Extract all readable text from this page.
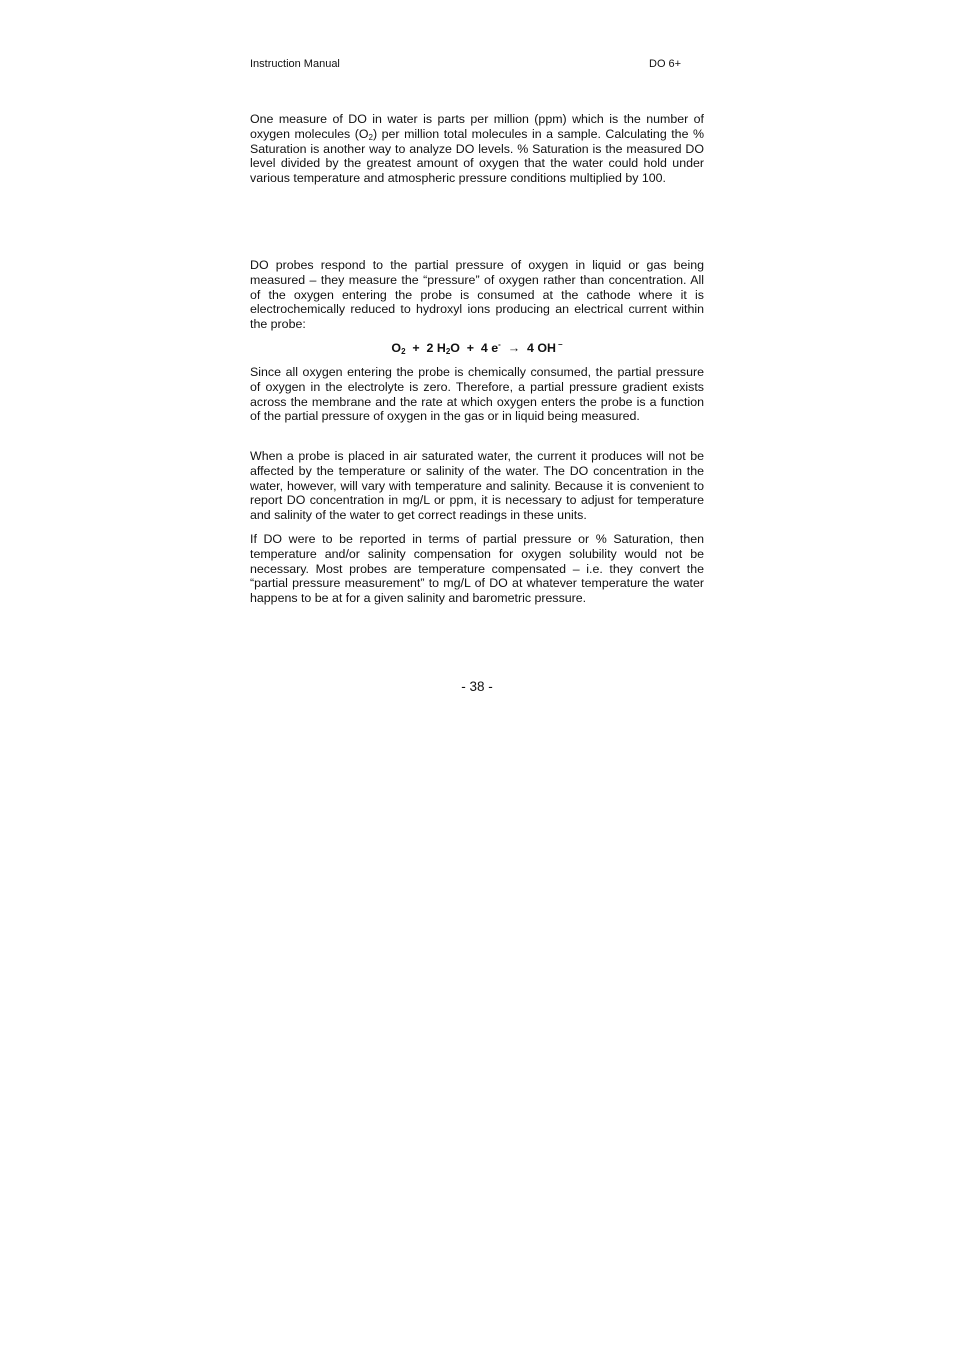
Instruction Manual	DO 6+

One measure of DO in water is parts per million (ppm) which is the number of oxygen molecules $(O_2)$ per million total molecules in a sample. Calculating the % Saturation is another way to analyze DO levels. % Saturation is the measured DO level divided by the greatest amount of oxygen that the water could hold under various temperature and atmospheric pressure conditions multiplied by 100.

DO probes respond to the partial pressure of oxygen in liquid or gas being measured – they measure the “pressure” of oxygen rather than concentration. All of the oxygen entering the probe is consumed at the cathode where it is electrochemically reduced to hydroxyl ions producing an electrical current within the probe:

$O_2 + 2$ $H_2O + 4$ e-  →  4 OH –

Since all oxygen entering the probe is chemically consumed, the partial pressure of oxygen in the electrolyte is zero. Therefore, a partial pressure gradient exists across the membrane and the rate at which oxygen enters the probe is a function of the partial pressure of oxygen in the gas or in liquid being measured.

When a probe is placed in air saturated water, the current it produces will not be affected by the temperature or salinity of the water. The DO concentration in the water, however, will vary with temperature and salinity. Because it is convenient to report DO concentration in mg/L or ppm, it is necessary to adjust for temperature and salinity of the water to get correct readings in these units.

If DO were to be reported in terms of partial pressure or % Saturation, then temperature and/or salinity compensation for oxygen solubility would not be necessary. Most probes are temperature compensated – i.e. they convert the “partial pressure measurement” to mg/L of DO at whatever temperature the water happens to be at for a given salinity and barometric pressure.

- 38 -
